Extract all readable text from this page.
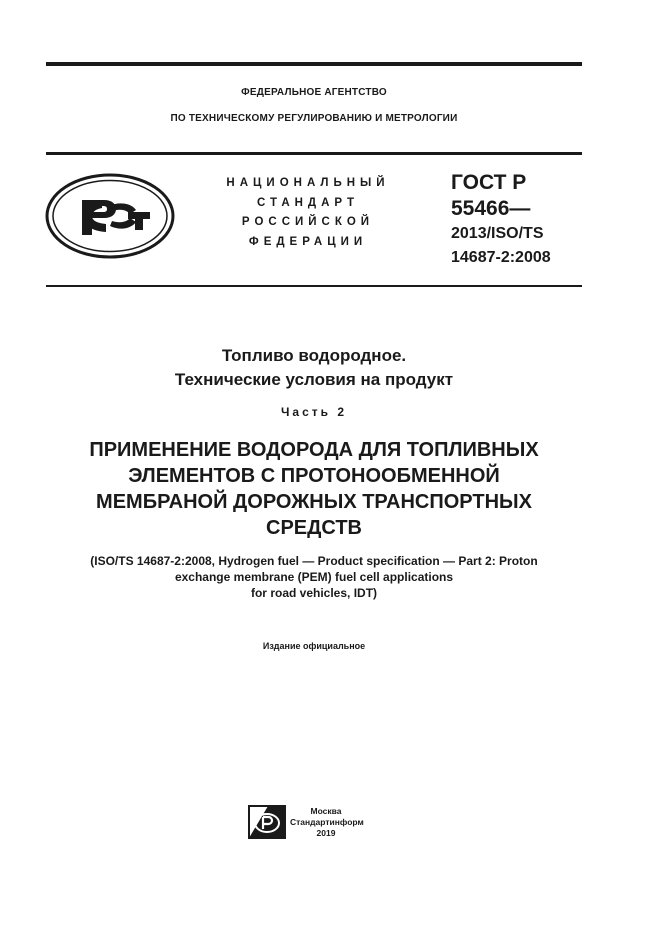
ФЕДЕРАЛЬНОЕ АГЕНТСТВО
ПО ТЕХНИЧЕСКОМУ РЕГУЛИРОВАНИЮ И МЕТРОЛОГИИ
НАЦИОНАЛЬНЫЙ
СТАНДАРТ
РОССИЙСКОЙ
ФЕДЕРАЦИИ
ГОСТ Р
55466—
2013/ISO/TS
14687-2:2008
Топливо водородное.
Технические условия на продукт
Часть 2
ПРИМЕНЕНИЕ ВОДОРОДА ДЛЯ ТОПЛИВНЫХ
ЭЛЕМЕНТОВ С ПРОТОНООБМЕННОЙ
МЕМБРАНОЙ ДОРОЖНЫХ ТРАНСПОРТНЫХ
СРЕДСТВ
(ISO/TS 14687-2:2008, Hydrogen fuel — Product specification — Part 2: Proton
exchange membrane (PEM) fuel cell applications
for road vehicles, IDT)
Издание официальное
Москва
Стандартинформ
2019
